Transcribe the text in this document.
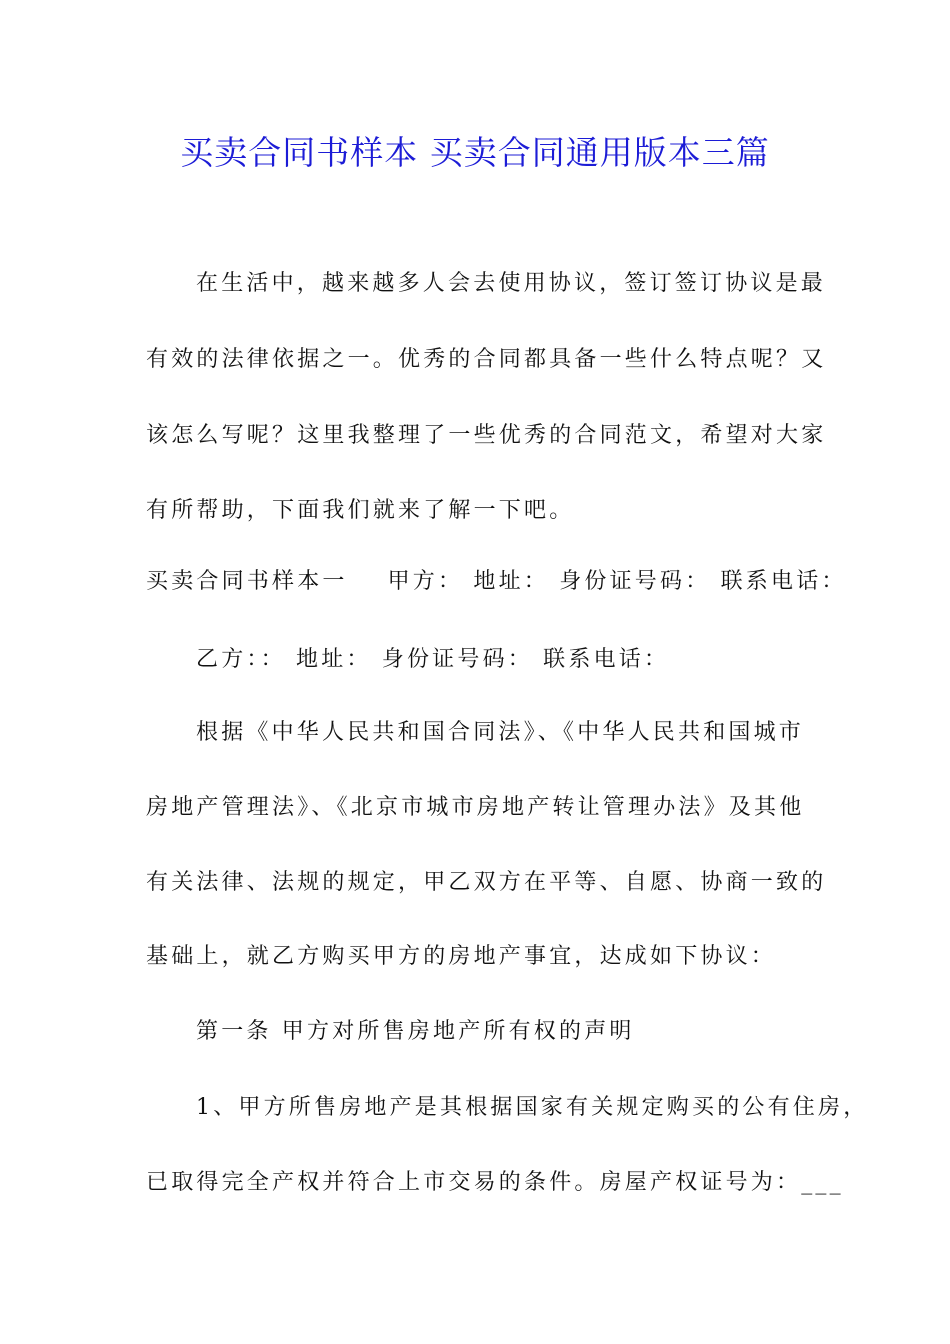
买卖合同书样本 买卖合同通用版本三篇
在生活中，越来越多人会去使用协议，签订签订协议是最
有效的法律依据之一。优秀的合同都具备一些什么特点呢？又
该怎么写呢？这里我整理了一些优秀的合同范文，希望对大家
有所帮助，下面我们就来了解一下吧。
买卖合同书样本一 甲方： 地址： 身份证号码： 联系电话：
乙方：： 地址： 身份证号码： 联系电话：
根据《中华人民共和国合同法》、《中华人民共和国城市
房地产管理法》、《北京市城市房地产转让管理办法》及其他
有关法律、法规的规定，甲乙双方在平等、自愿、协商一致的
基础上，就乙方购买甲方的房地产事宜，达成如下协议：
第一条 甲方对所售房地产所有权的声明
1、甲方所售房地产是其根据国家有关规定购买的公有住房，
已取得完全产权并符合上市交易的条件。房屋产权证号为：___
